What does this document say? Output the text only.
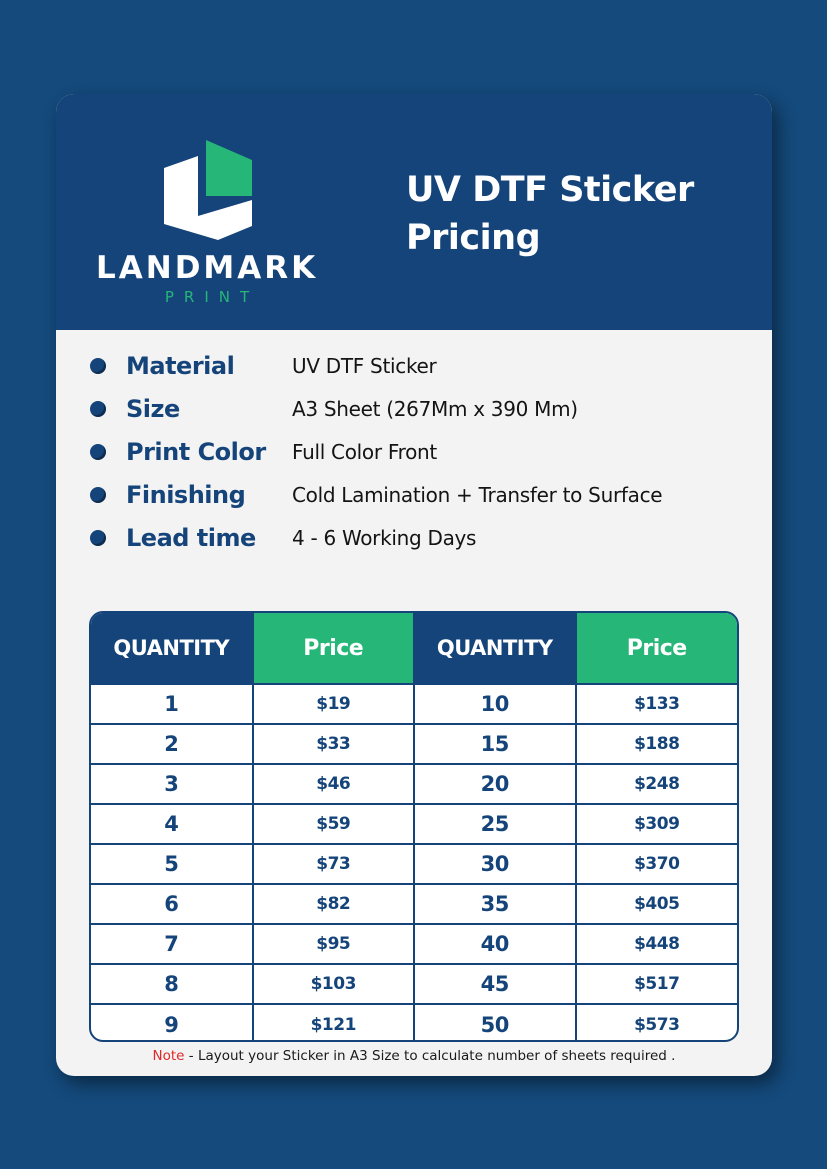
LANDMARK
PRINT
UV DTF Sticker Pricing
Material	UV DTF Sticker
Size	A3 Sheet (267Mm x 390 Mm)
Print Color	Full Color Front
Finishing	Cold Lamination + Transfer to Surface
Lead time	4 - 6 Working Days
QUANTITY	Price	QUANTITY	Price
1	$19	10	$133
2	$33	15	$188
3	$46	20	$248
4	$59	25	$309
5	$73	30	$370
6	$82	35	$405
7	$95	40	$448
8	$103	45	$517
9	$121	50	$573
Note - Layout your Sticker in A3 Size to calculate number of sheets required .
